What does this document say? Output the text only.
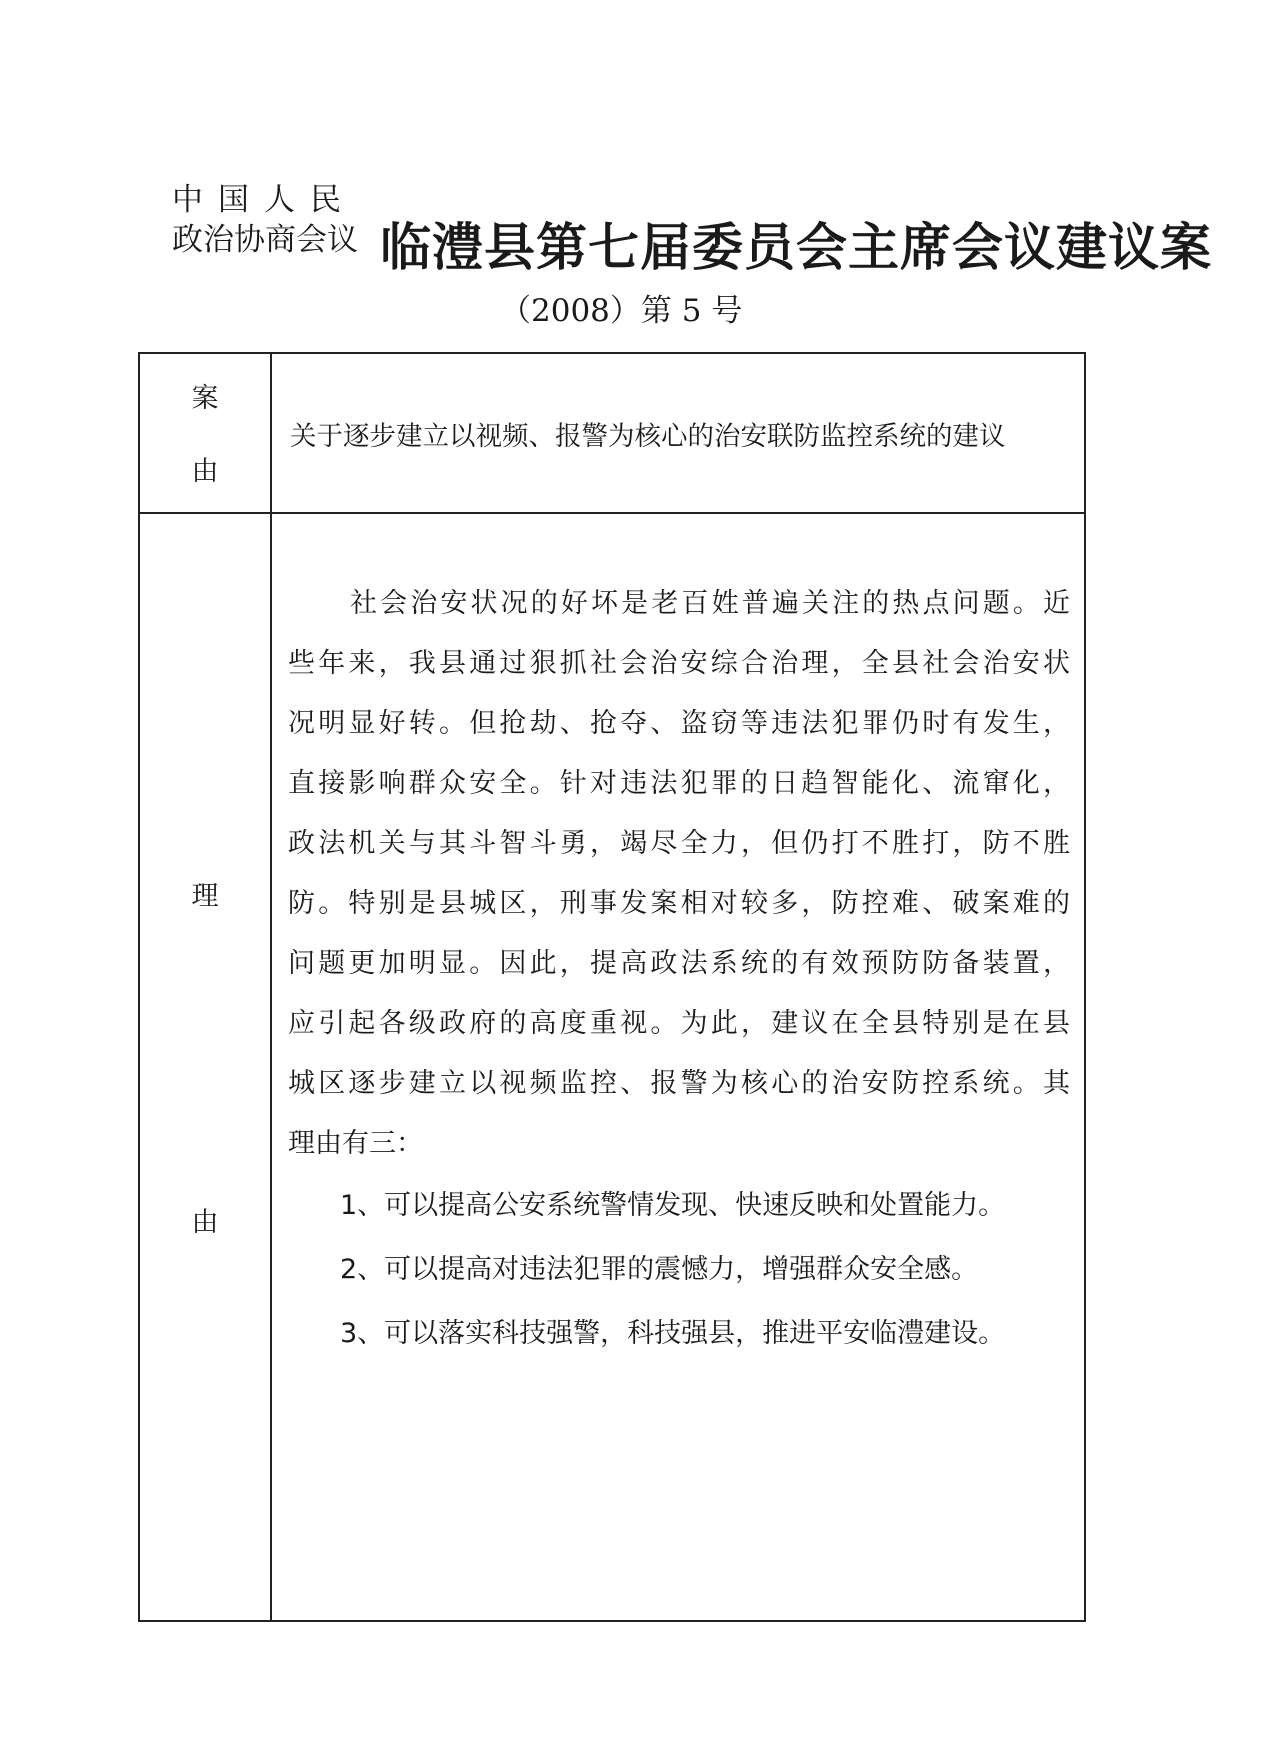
中国人民
政治协商会议 临澧县第七届委员会主席会议建议案
（2008）第 5 号
案
由
关于逐步建立以视频、报警为核心的治安联防监控系统的建议
理
由
社会治安状况的好坏是老百姓普遍关注的热点问题。近
些年来，我县通过狠抓社会治安综合治理，全县社会治安状
况明显好转。但抢劫、抢夺、盗窃等违法犯罪仍时有发生，
直接影响群众安全。针对违法犯罪的日趋智能化、流窜化，
政法机关与其斗智斗勇，竭尽全力，但仍打不胜打，防不胜
防。特别是县城区，刑事发案相对较多，防控难、破案难的
问题更加明显。因此，提高政法系统的有效预防防备装置，
应引起各级政府的高度重视。为此，建议在全县特别是在县
城区逐步建立以视频监控、报警为核心的治安防控系统。其
理由有三：
1、可以提高公安系统警情发现、快速反映和处置能力。
2、可以提高对违法犯罪的震憾力，增强群众安全感。
3、可以落实科技强警，科技强县，推进平安临澧建设。
